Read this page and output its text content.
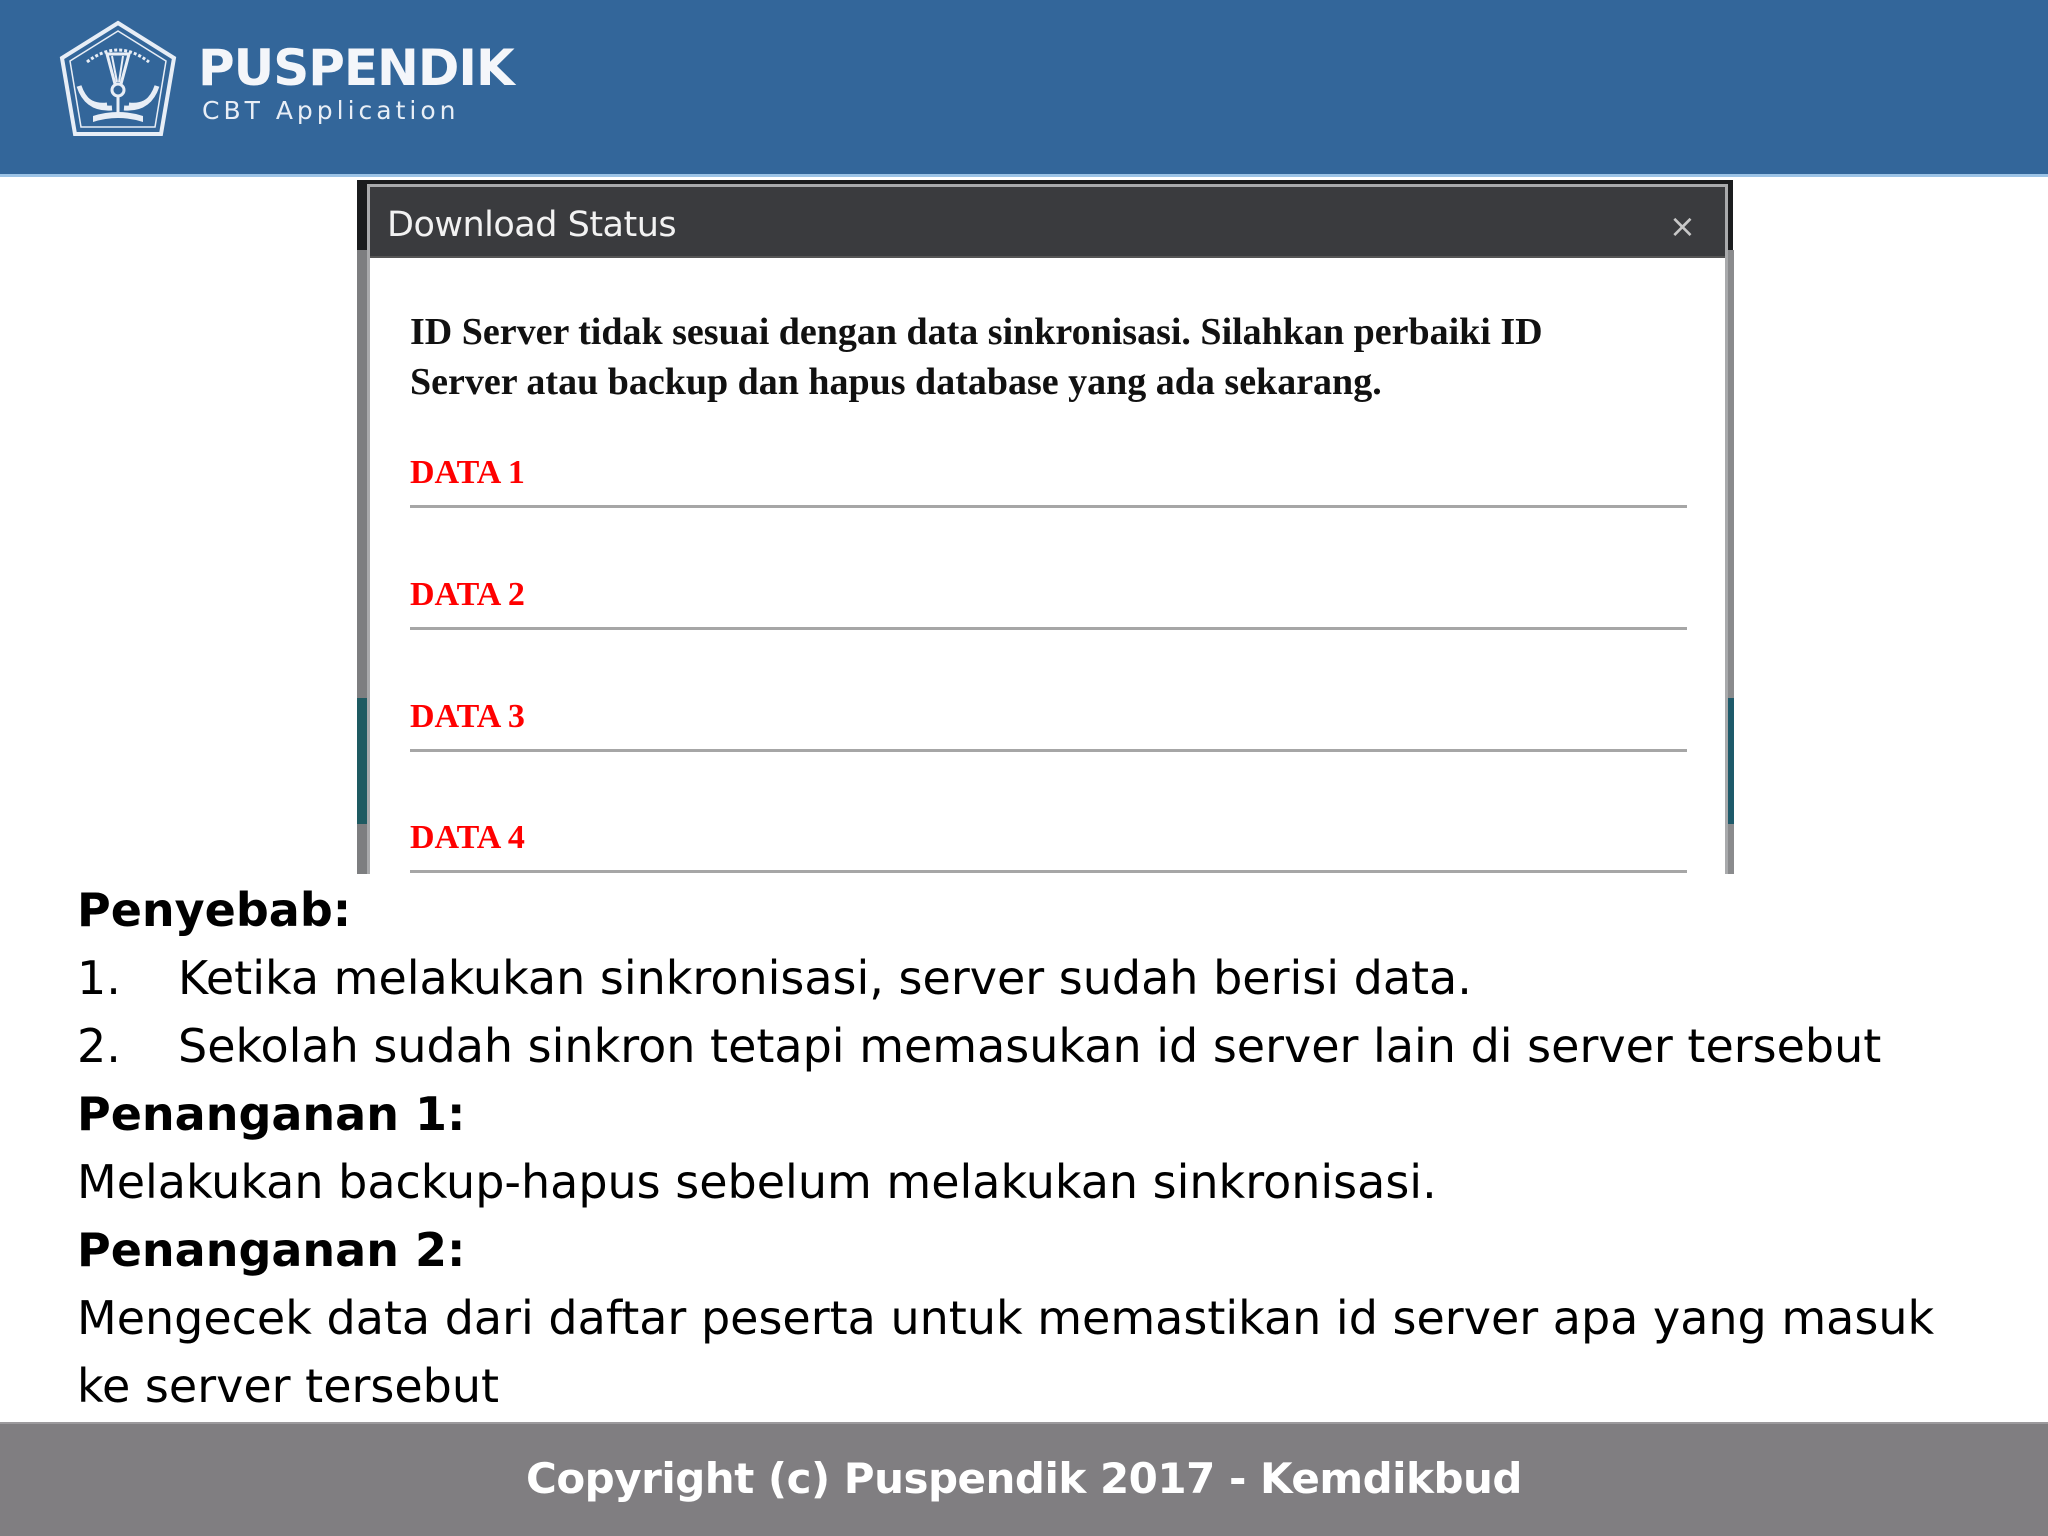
PUSPENDIK
CBT Application
Download Status	×
ID Server tidak sesuai dengan data sinkronisasi. Silahkan perbaiki ID
Server atau backup dan hapus database yang ada sekarang.
DATA 1
DATA 2
DATA 3
DATA 4
Penyebab:
1. Ketika melakukan sinkronisasi, server sudah berisi data.
2. Sekolah sudah sinkron tetapi memasukan id server lain di server tersebut
Penanganan 1:
Melakukan backup-hapus sebelum melakukan sinkronisasi.
Penanganan 2:
Mengecek data dari daftar peserta untuk memastikan id server apa yang masuk
ke server tersebut
Copyright (c) Puspendik 2017 - Kemdikbud
